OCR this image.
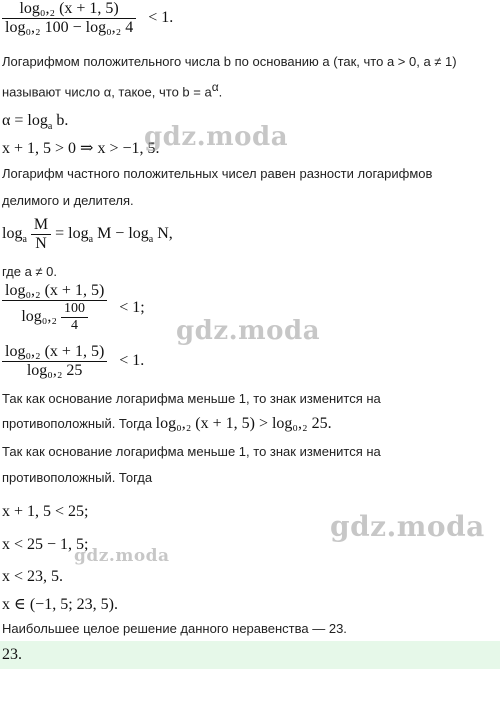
$\frac{\text{log₀,₂ (x + 1, 5)}}{\text{log₀,₂ 100 − log₀,₂ 4}} < 1$.
Логарифмом положительного числа b по основанию a (так, что a > 0, a ≠ 1)
называют число α, такое, что $b = a^\alpha$.
$\alpha = \log_a b$.
x + 1, 5 > 0 ⇒ x > −1, 5.
Логарифм частного положительных чисел равен разности логарифмов
делимого и делителя.
$\log_a \frac{M}{N} = \log_a M - \log_a N$,
где a ≠ 0.
$\frac{\text{log₀,₂ (x + 1, 5)}}{\log_0,_2 \frac{100}{4}} < 1$;
$\frac{\text{log₀,₂ (x + 1, 5)}}{\text{log₀,₂ 25}} < 1$.
Так как основание логарифма меньше 1, то знак изменится на
противоположный. Тогда log₀,₂ (x + 1, 5) > log₀,₂ 25.
Так как основание логарифма меньше 1, то знак изменится на
противоположный. Тогда
x + 1, 5 < 25;
x < 25 − 1, 5;
x < 23, 5.
x ∈ (−1, 5; 23, 5).
Наибольшее целое решение данного неравенства — 23.
23.
gdz.moda
gdz.moda
gdz.moda
gdz.moda
